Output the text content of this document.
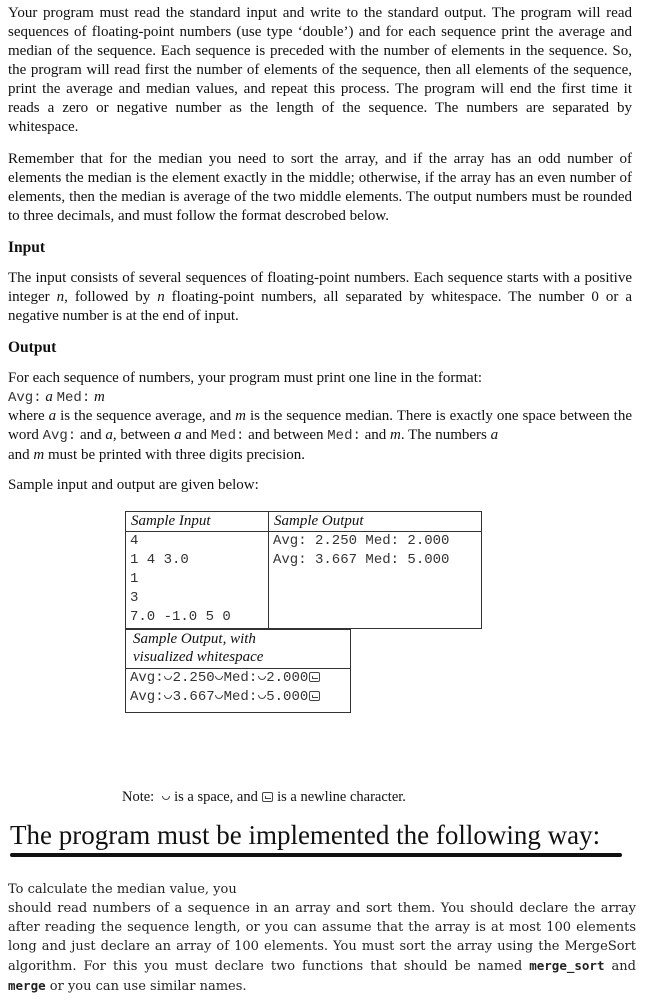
Your program must read the standard input and write to the standard output. The program will read sequences of floating-point numbers (use type ‘double’) and for each sequence print the average and median of the sequence. Each sequence is preceded with the number of elements in the sequence. So, the program will read first the number of elements of the sequence, then all elements of the sequence, print the average and median values, and repeat this process. The program will end the first time it reads a zero or negative number as the length of the sequence. The numbers are separated by whitespace.

Remember that for the median you need to sort the array, and if the array has an odd number of elements the median is the element exactly in the middle; otherwise, if the array has an even number of elements, then the median is average of the two middle elements. The output numbers must be rounded to three decimals, and must follow the format descrobed below.

Input

The input consists of several sequences of floating-point numbers. Each sequence starts with a positive integer n, followed by n floating-point numbers, all separated by whitespace. The number 0 or a negative number is at the end of input.

Output

For each sequence of numbers, your program must print one line in the format:

Avg: a Med: m

where a is the sequence average, and m is the sequence median. There is exactly one space between the word Avg: and a, between a and Med: and between Med: and m. The numbers a
and m must be printed with three digits precision.

Sample input and output are given below:

Sample Input
4
1 4 3.0
1
3
7.0 -1.0 5 0
Sample Output
Avg: 2.250 Med: 2.000
Avg: 3.667 Med: 5.000
Sample Output, with
visualized whitespace
Avg: 2.250 Med: 2.000
Avg: 3.667 Med: 5.000

Note: is a space, and is a newline character.

The program must be implemented the following way:

To calculate the median value, you
should read numbers of a sequence in an array and sort them. You should declare the array after reading the sequence length, or you can assume that the array is at most 100 elements long and just declare an array of 100 elements. You must sort the array using the MergeSort algorithm. For this you must declare two functions that should be named merge_sort and merge or you can use similar names.
